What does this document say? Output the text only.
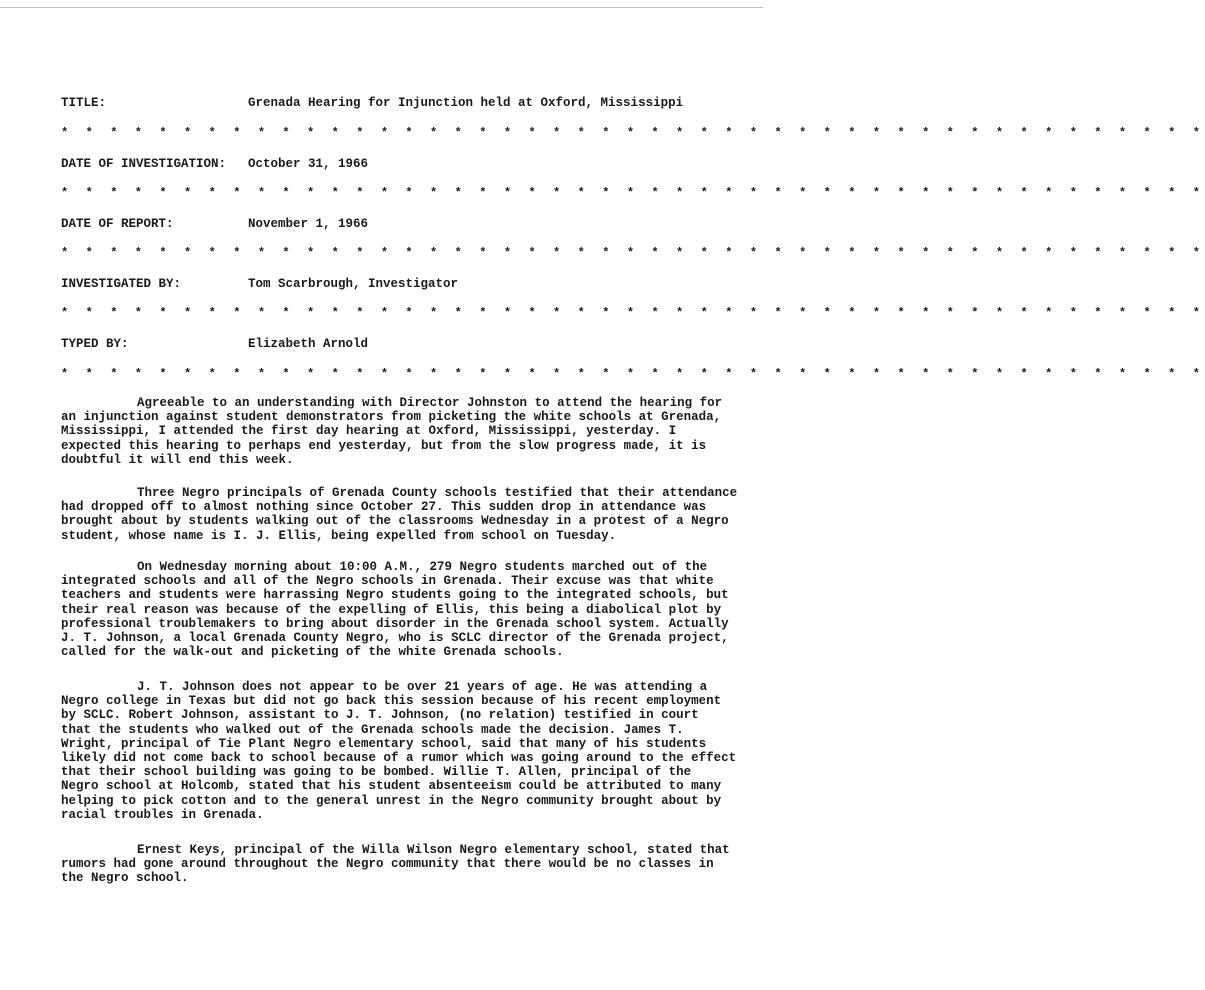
TITLE:	Grenada Hearing for Injunction held at Oxford, Mississippi
* * * * * * * * * * * * * * * * * * * * * * * * * * * * * * * * * * * * * * * * * * * * * * *
DATE OF INVESTIGATION: October 31, 1966
* * * * * * * * * * * * * * * * * * * * * * * * * * * * * * * * * * * * * * * * * * * * * * *
DATE OF REPORT:	November 1, 1966
* * * * * * * * * * * * * * * * * * * * * * * * * * * * * * * * * * * * * * * * * * * * * * *
INVESTIGATED BY:	Tom Scarbrough, Investigator
* * * * * * * * * * * * * * * * * * * * * * * * * * * * * * * * * * * * * * * * * * * * * * *
TYPED BY:	Elizabeth Arnold
* * * * * * * * * * * * * * * * * * * * * * * * * * * * * * * * * * * * * * * * * * * * * * *
Agreeable to an understanding with Director Johnston to attend the hearing for
an injunction against student demonstrators from picketing the white schools at Grenada,
Mississippi, I attended the first day hearing at Oxford, Mississippi, yesterday. I
expected this hearing to perhaps end yesterday, but from the slow progress made, it is
doubtful it will end this week.
Three Negro principals of Grenada County schools testified that their attendance
had dropped off to almost nothing since October 27. This sudden drop in attendance was
brought about by students walking out of the classrooms Wednesday in a protest of a Negro
student, whose name is I. J. Ellis, being expelled from school on Tuesday.
On Wednesday morning about 10:00 A.M., 279 Negro students marched out of the
integrated schools and all of the Negro schools in Grenada. Their excuse was that white
teachers and students were harrassing Negro students going to the integrated schools, but
their real reason was because of the expelling of Ellis, this being a diabolical plot by
professional troublemakers to bring about disorder in the Grenada school system. Actually
J. T. Johnson, a local Grenada County Negro, who is SCLC director of the Grenada project,
called for the walk-out and picketing of the white Grenada schools.
J. T. Johnson does not appear to be over 21 years of age. He was attending a
Negro college in Texas but did not go back this session because of his recent employment
by SCLC. Robert Johnson, assistant to J. T. Johnson, (no relation) testified in court
that the students who walked out of the Grenada schools made the decision. James T.
Wright, principal of Tie Plant Negro elementary school, said that many of his students
likely did not come back to school because of a rumor which was going around to the effect
that their school building was going to be bombed. Willie T. Allen, principal of the
Negro school at Holcomb, stated that his student absenteeism could be attributed to many
helping to pick cotton and to the general unrest in the Negro community brought about by
racial troubles in Grenada.
Ernest Keys, principal of the Willa Wilson Negro elementary school, stated that
rumors had gone around throughout the Negro community that there would be no classes in
the Negro school.
